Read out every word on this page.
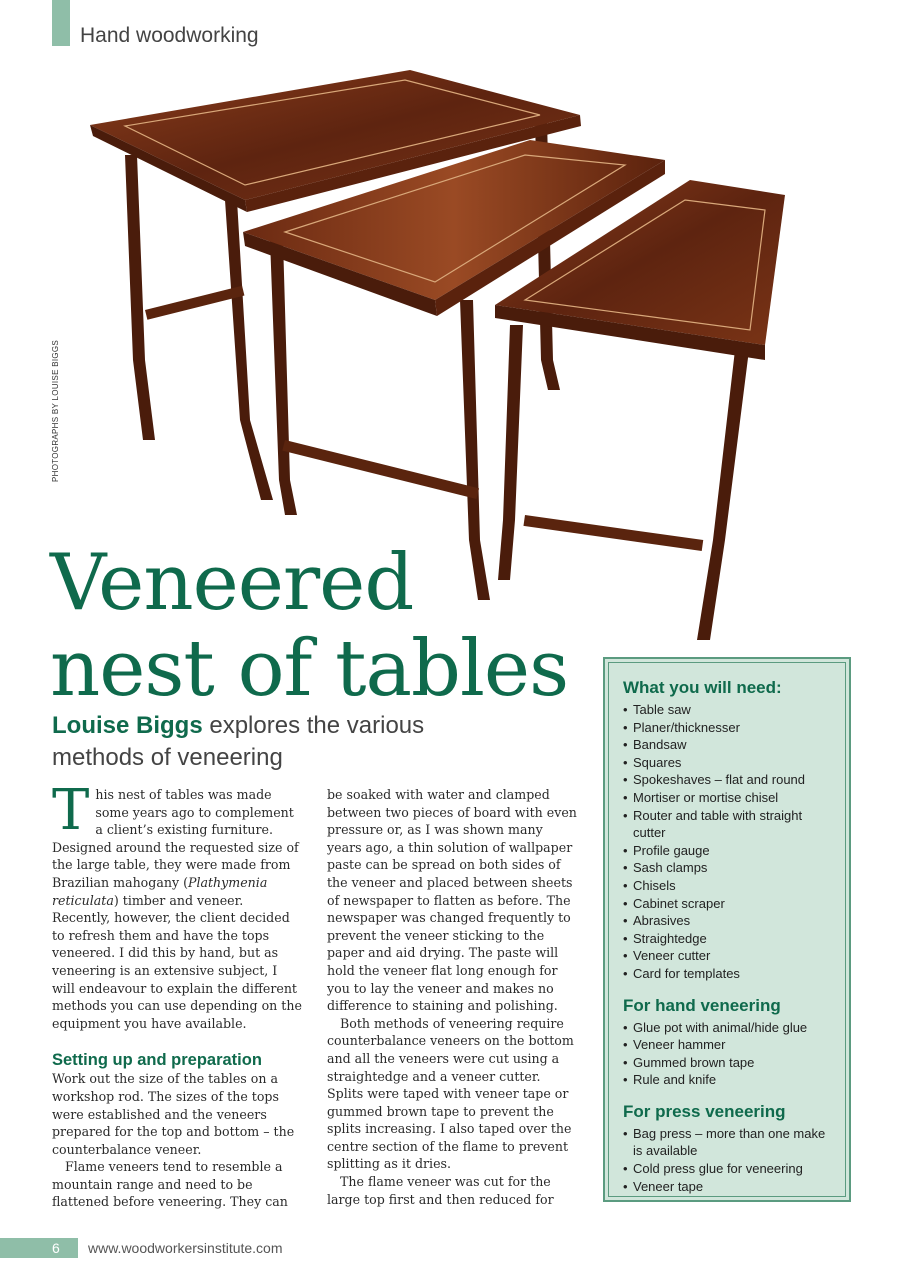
Hand woodworking
PHOTOGRAPHS BY LOUISE BIGGS
Veneered
nest of tables
Louise Biggs explores the various methods of veneering

This nest of tables was made some years ago to complement a client’s existing furniture. Designed around the requested size of the large table, they were made from Brazilian mahogany (Plathymenia reticulata) timber and veneer. Recently, however, the client decided to refresh them and have the tops veneered. I did this by hand, but as veneering is an extensive subject, I will endeavour to explain the different methods you can use depending on the equipment you have available.

Setting up and preparation

Work out the size of the tables on a workshop rod. The sizes of the tops were established and the veneers prepared for the top and bottom – the counterbalance veneer.

Flame veneers tend to resemble a mountain range and need to be flattened before veneering. They can

be soaked with water and clamped between two pieces of board with even pressure or, as I was shown many years ago, a thin solution of wallpaper paste can be spread on both sides of the veneer and placed between sheets of newspaper to flatten as before. The newspaper was changed frequently to prevent the veneer sticking to the paper and aid drying. The paste will hold the veneer flat long enough for you to lay the veneer and makes no difference to staining and polishing.

Both methods of veneering require counterbalance veneers on the bottom and all the veneers were cut using a straightedge and a veneer cutter. Splits were taped with veneer tape or gummed brown tape to prevent the splits increasing. I also taped over the centre section of the flame to prevent splitting as it dries.

The flame veneer was cut for the large top first and then reduced for

What you will need:
• Table saw
• Planer/thicknesser
• Bandsaw
• Squares
• Spokeshaves – flat and round
• Mortiser or mortise chisel
• Router and table with straight cutter
• Profile gauge
• Sash clamps
• Chisels
• Cabinet scraper
• Abrasives
• Straightedge
• Veneer cutter
• Card for templates
For hand veneering
• Glue pot with animal/hide glue
• Veneer hammer
• Gummed brown tape
• Rule and knife
For press veneering
• Bag press – more than one make is available
• Cold press glue for veneering
• Veneer tape
6 www.woodworkersinstitute.com
